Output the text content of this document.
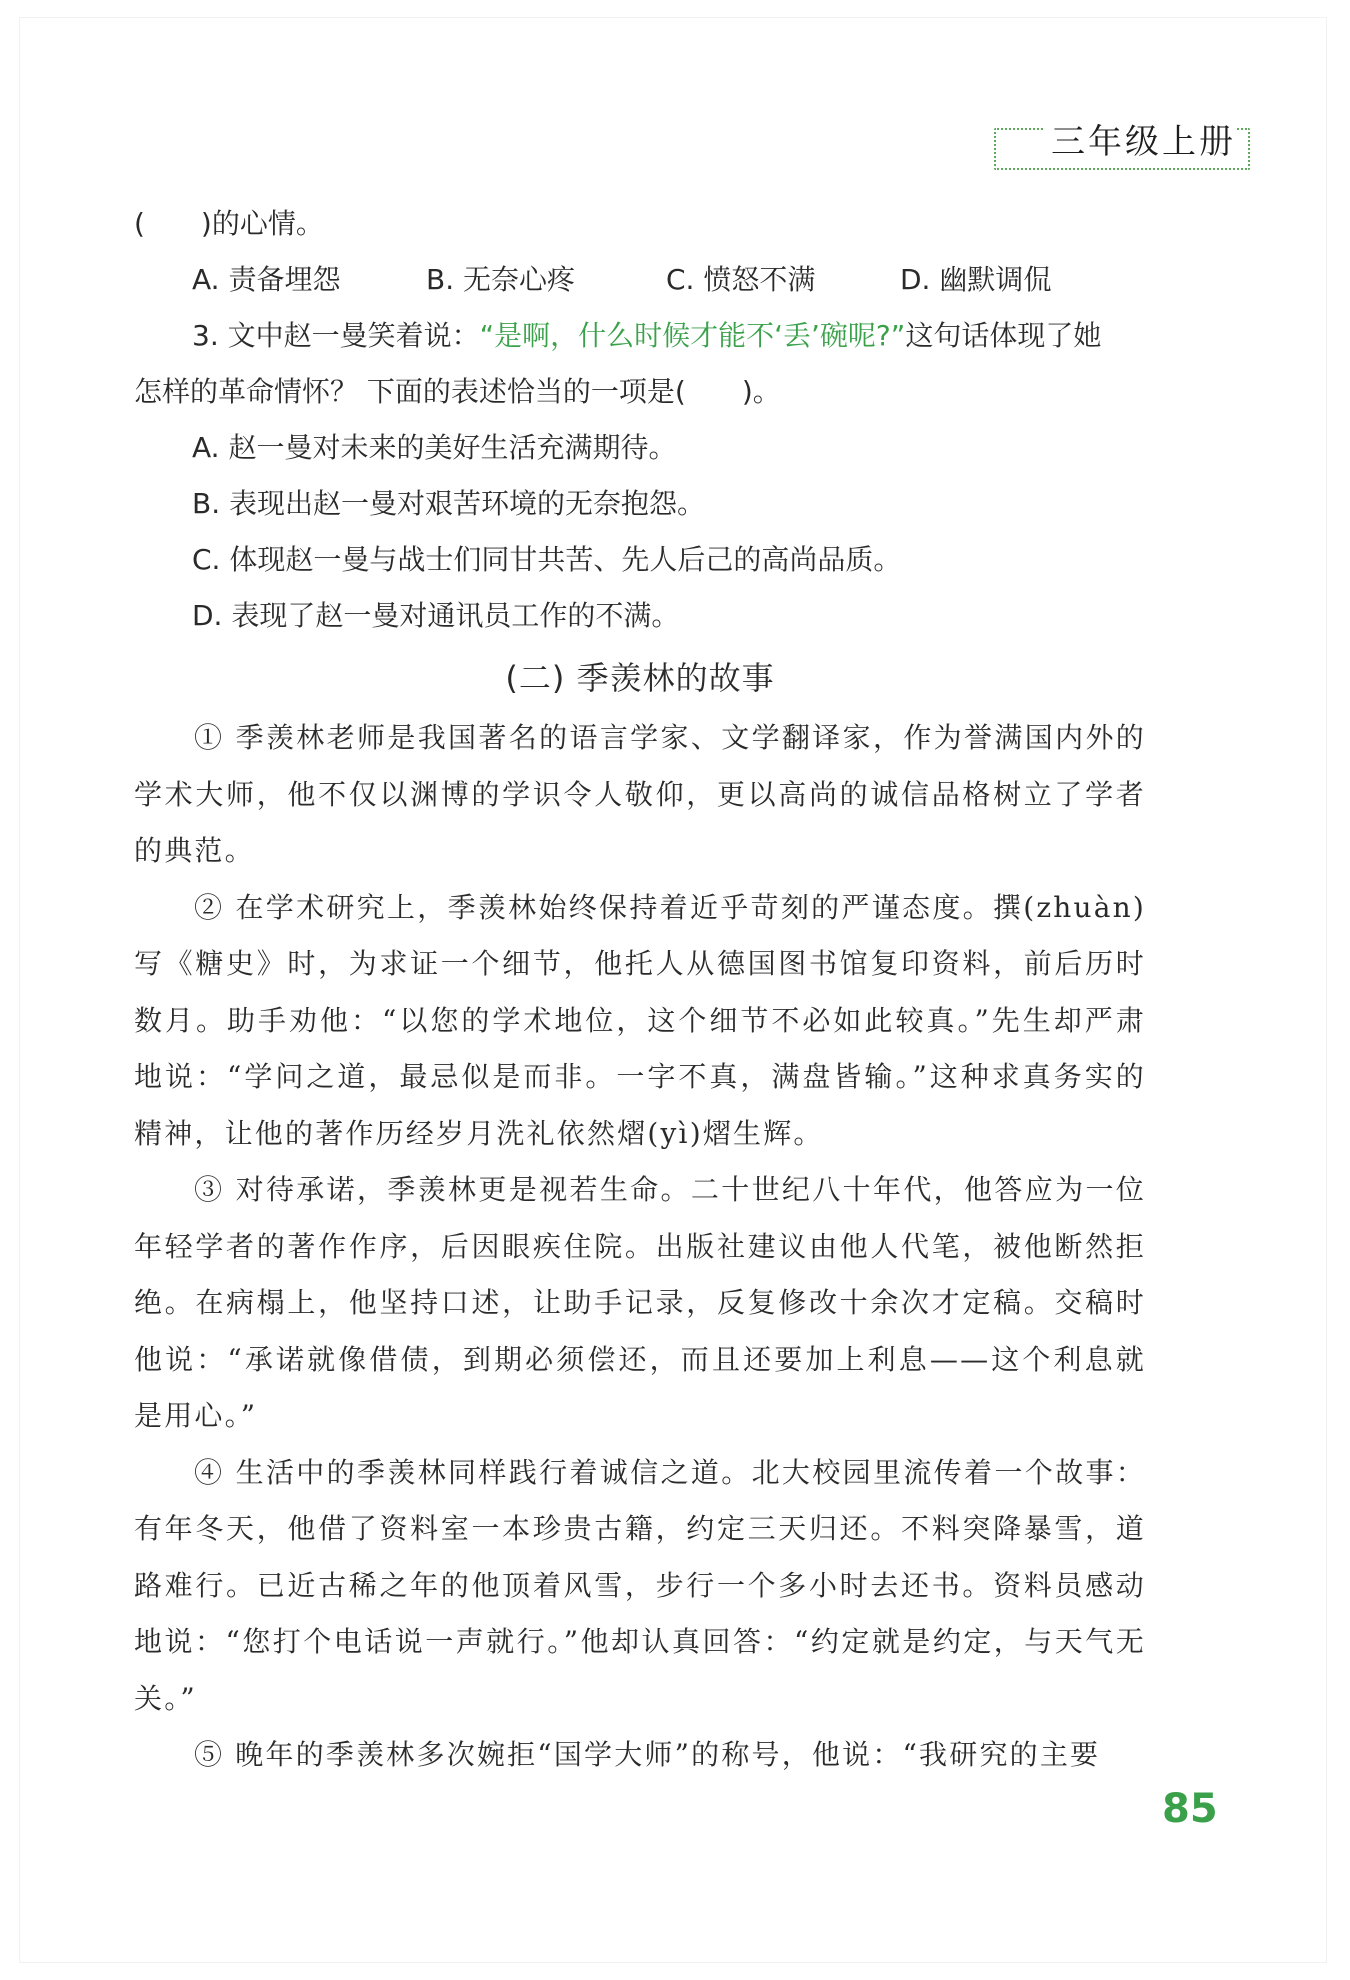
三年级上册
(　　)的心情。
A. 责备埋怨	B. 无奈心疼	C. 愤怒不满	D. 幽默调侃
3. 文中赵一曼笑着说：“是啊，什么时候才能不‘丢’碗呢?”这句话体现了她
怎样的革命情怀？ 下面的表述恰当的一项是(　　)。
A. 赵一曼对未来的美好生活充满期待。
B. 表现出赵一曼对艰苦环境的无奈抱怨。
C. 体现赵一曼与战士们同甘共苦、先人后己的高尚品质。
D. 表现了赵一曼对通讯员工作的不满。
(二) 季羡林的故事
① 季羡林老师是我国著名的语言学家、文学翻译家，作为誉满国内外的学术大师，他不仅以渊博的学识令人敬仰，更以高尚的诚信品格树立了学者的典范。
② 在学术研究上，季羡林始终保持着近乎苛刻的严谨态度。撰(zhuàn)写《糖史》时，为求证一个细节，他托人从德国图书馆复印资料，前后历时数月。助手劝他：“以您的学术地位，这个细节不必如此较真。”先生却严肃地说：“学问之道，最忌似是而非。一字不真，满盘皆输。”这种求真务实的精神，让他的著作历经岁月洗礼依然熠(yì)熠生辉。
③ 对待承诺，季羡林更是视若生命。二十世纪八十年代，他答应为一位年轻学者的著作作序，后因眼疾住院。出版社建议由他人代笔，被他断然拒绝。在病榻上，他坚持口述，让助手记录，反复修改十余次才定稿。交稿时他说：“承诺就像借债，到期必须偿还，而且还要加上利息——这个利息就是用心。”
④ 生活中的季羡林同样践行着诚信之道。北大校园里流传着一个故事：有年冬天，他借了资料室一本珍贵古籍，约定三天归还。不料突降暴雪，道路难行。已近古稀之年的他顶着风雪，步行一个多小时去还书。资料员感动地说：“您打个电话说一声就行。”他却认真回答：“约定就是约定，与天气无关。”
⑤ 晚年的季羡林多次婉拒“国学大师”的称号，他说：“我研究的主要
85
